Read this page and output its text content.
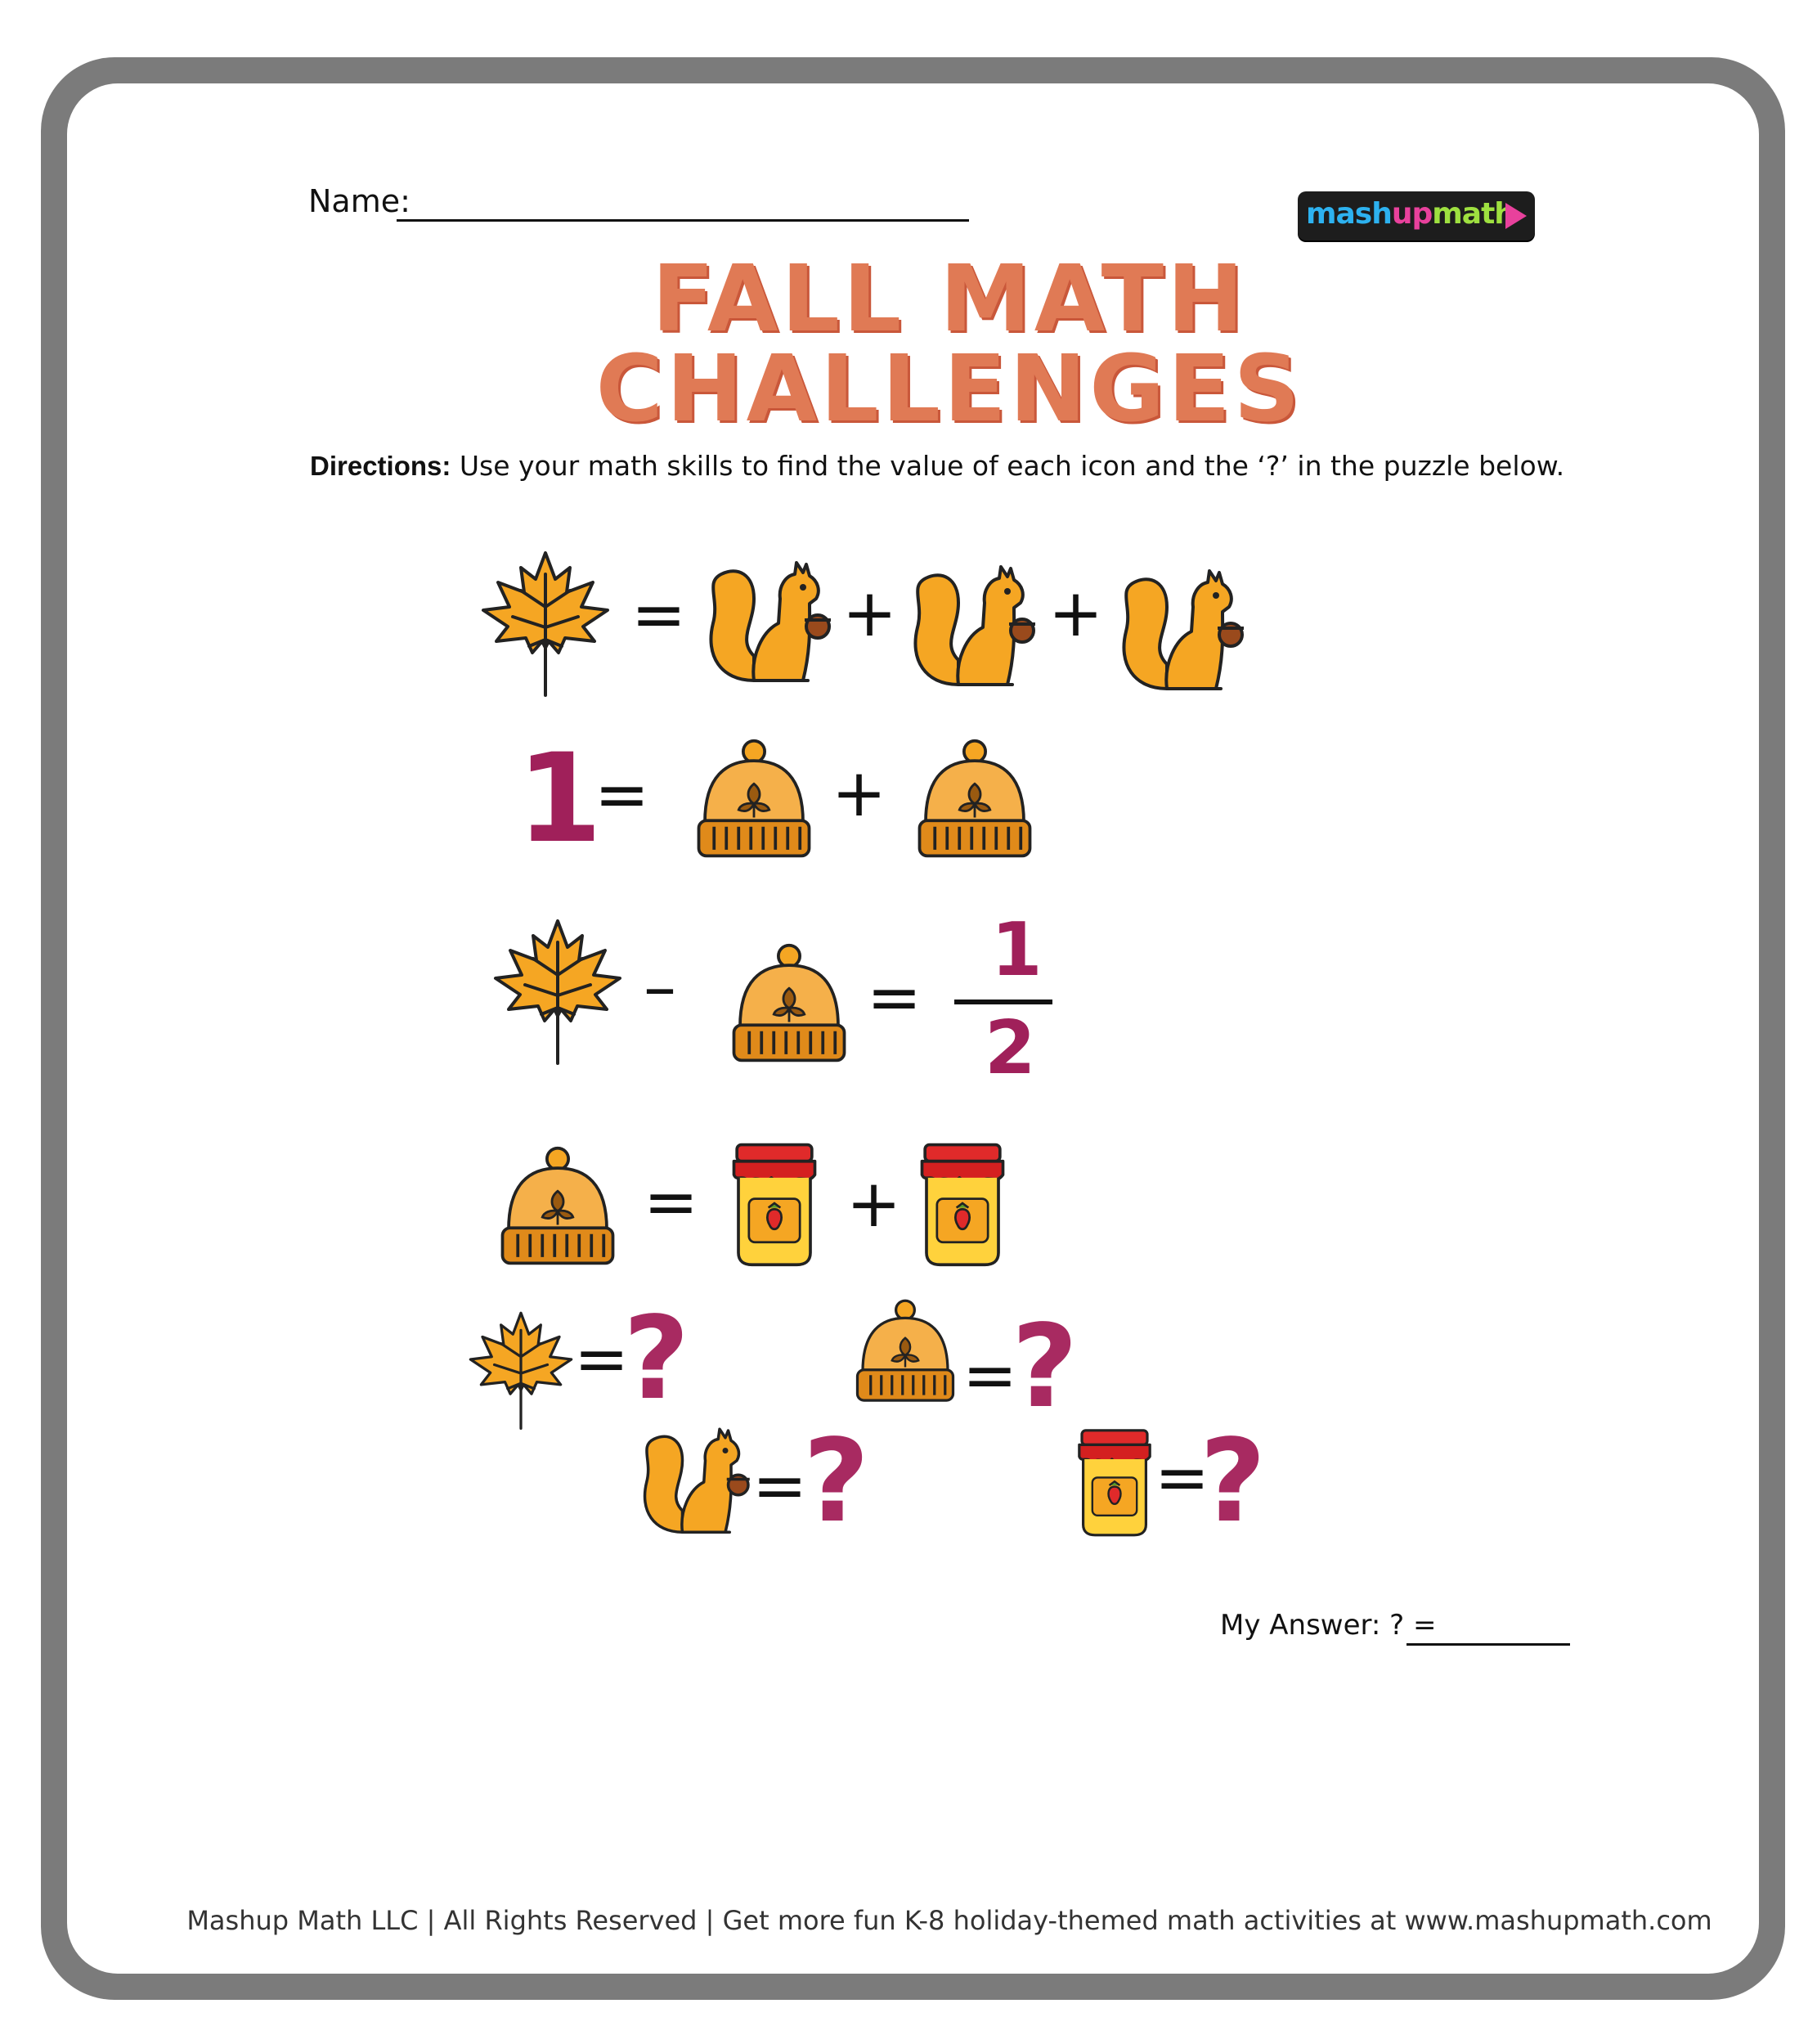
Name:	mashupmath
FALL MATH
CHALLENGES
Directions: Use your math skills to find the value of each icon and the ‘?’ in the puzzle below.
= + +
1
=	+
–	=
1
2
= +
=
?
=
?
=
?
=
?
My Answer: ? =
Mashup Math LLC | All Rights Reserved | Get more fun K-8 holiday-themed math activities at www.mashupmath.com
